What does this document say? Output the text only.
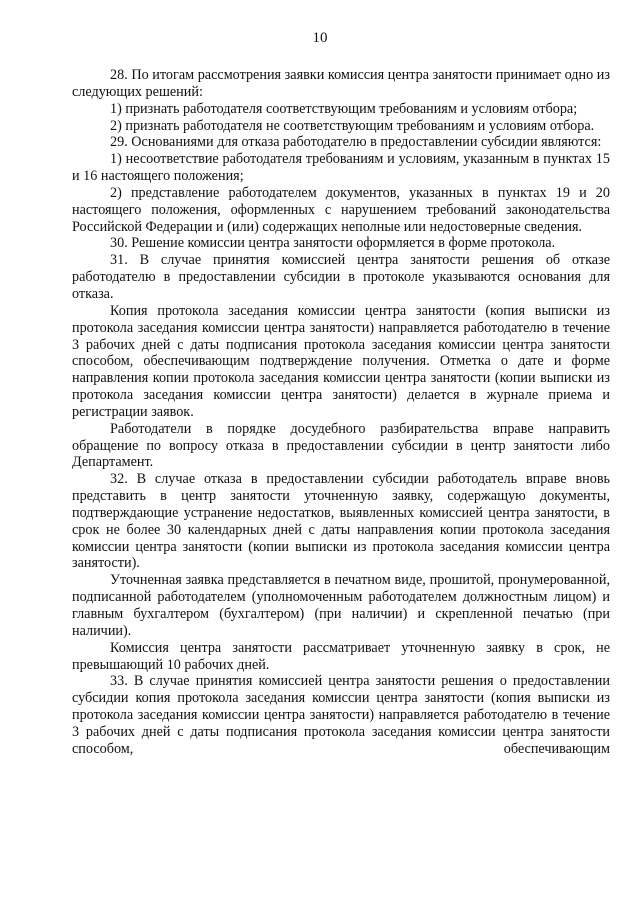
10

28. По итогам рассмотрения заявки комиссия центра занятости принимает одно из следующих решений:

1) признать работодателя соответствующим требованиям и условиям отбора;

2) признать работодателя не соответствующим требованиям и условиям отбора.

29. Основаниями для отказа работодателю в предоставлении субсидии являются:

1) несоответствие работодателя требованиям и условиям, указанным в пунктах 15 и 16 настоящего положения;

2) представление работодателем документов, указанных в пунктах 19 и 20 настоящего положения, оформленных с нарушением требований законодательства Российской Федерации и (или) содержащих неполные или недостоверные сведения.

30. Решение комиссии центра занятости оформляется в форме протокола.

31. В случае принятия комиссией центра занятости решения об отказе работодателю в предоставлении субсидии в протоколе указываются основания для отказа.

Копия протокола заседания комиссии центра занятости (копия выписки из протокола заседания комиссии центра занятости) направляется работодателю в течение 3 рабочих дней с даты подписания протокола заседания комиссии центра занятости способом, обеспечивающим подтверждение получения. Отметка о дате и форме направления копии протокола заседания комиссии центра занятости (копии выписки из протокола заседания комиссии центра занятости) делается в журнале приема и регистрации заявок.

Работодатели в порядке досудебного разбирательства вправе направить обращение по вопросу отказа в предоставлении субсидии в центр занятости либо Департамент.

32. В случае отказа в предоставлении субсидии работодатель вправе вновь представить в центр занятости уточненную заявку, содержащую документы, подтверждающие устранение недостатков, выявленных комиссией центра занятости, в срок не более 30 календарных дней с даты направления копии протокола заседания комиссии центра занятости (копии выписки из протокола заседания комиссии центра занятости).

Уточненная заявка представляется в печатном виде, прошитой, пронумерованной, подписанной работодателем (уполномоченным работодателем должностным лицом) и главным бухгалтером (бухгалтером) (при наличии) и скрепленной печатью (при наличии).

Комиссия центра занятости рассматривает уточненную заявку в срок, не превышающий 10 рабочих дней.

33. В случае принятия комиссией центра занятости решения о предоставлении субсидии копия протокола заседания комиссии центра занятости (копия выписки из протокола заседания комиссии центра занятости) направляется работодателю в течение 3 рабочих дней с даты подписания протокола заседания комиссии центра занятости способом, обеспечивающим
